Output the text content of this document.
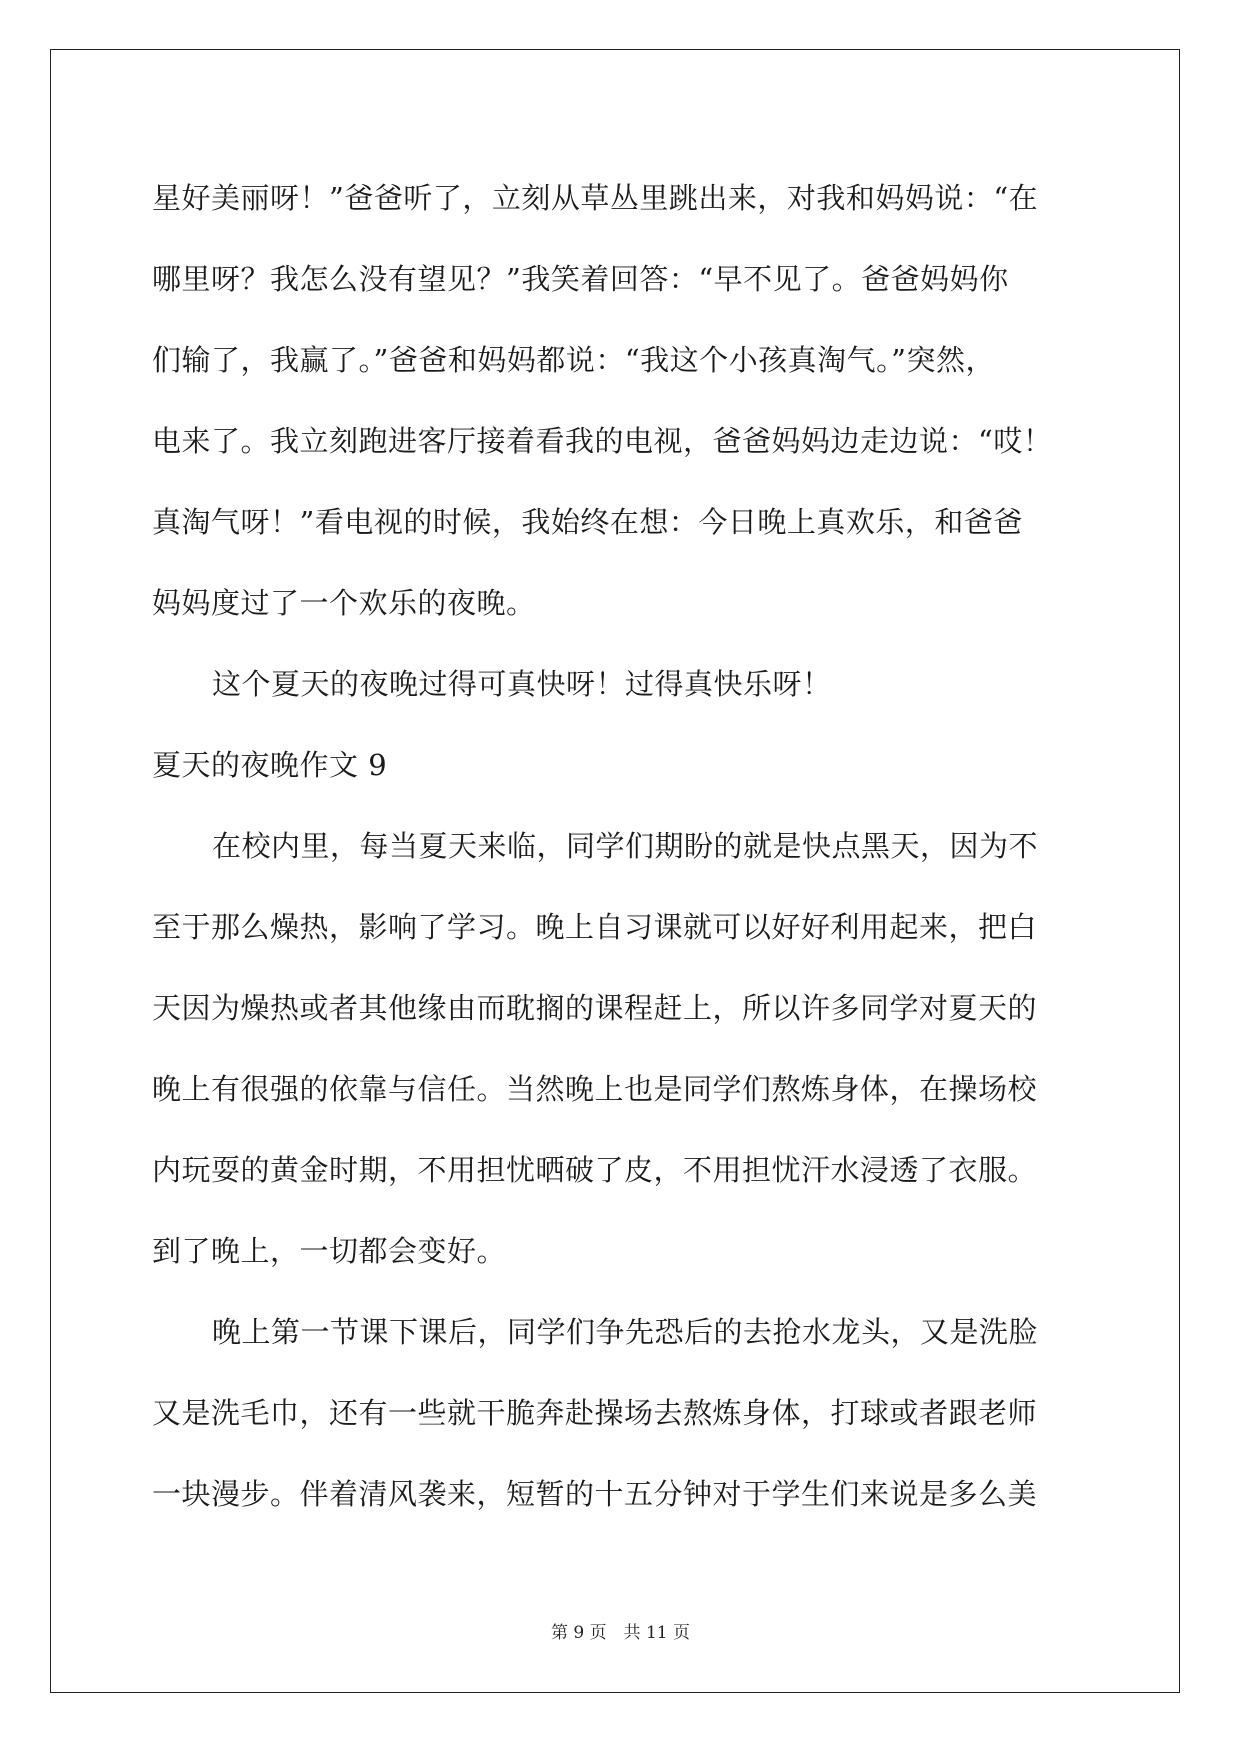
星好美丽呀！”爸爸听了，立刻从草丛里跳出来，对我和妈妈说：“在
哪里呀？我怎么没有望见？”我笑着回答：“早不见了。爸爸妈妈你
们输了，我赢了。”爸爸和妈妈都说：“我这个小孩真淘气。”突然，
电来了。我立刻跑进客厅接着看我的电视，爸爸妈妈边走边说：“哎！
真淘气呀！”看电视的时候，我始终在想：今日晚上真欢乐，和爸爸
妈妈度过了一个欢乐的夜晚。
这个夏天的夜晚过得可真快呀！过得真快乐呀！
夏天的夜晚作文 9
在校内里，每当夏天来临，同学们期盼的就是快点黑天，因为不
至于那么燥热，影响了学习。晚上自习课就可以好好利用起来，把白
天因为燥热或者其他缘由而耽搁的课程赶上，所以许多同学对夏天的
晚上有很强的依靠与信任。当然晚上也是同学们熬炼身体，在操场校
内玩耍的黄金时期，不用担忧晒破了皮，不用担忧汗水浸透了衣服。
到了晚上，一切都会变好。
晚上第一节课下课后，同学们争先恐后的去抢水龙头，又是洗脸
又是洗毛巾，还有一些就干脆奔赴操场去熬炼身体，打球或者跟老师
一块漫步。伴着清风袭来，短暂的十五分钟对于学生们来说是多么美
第 9 页　共 11 页
